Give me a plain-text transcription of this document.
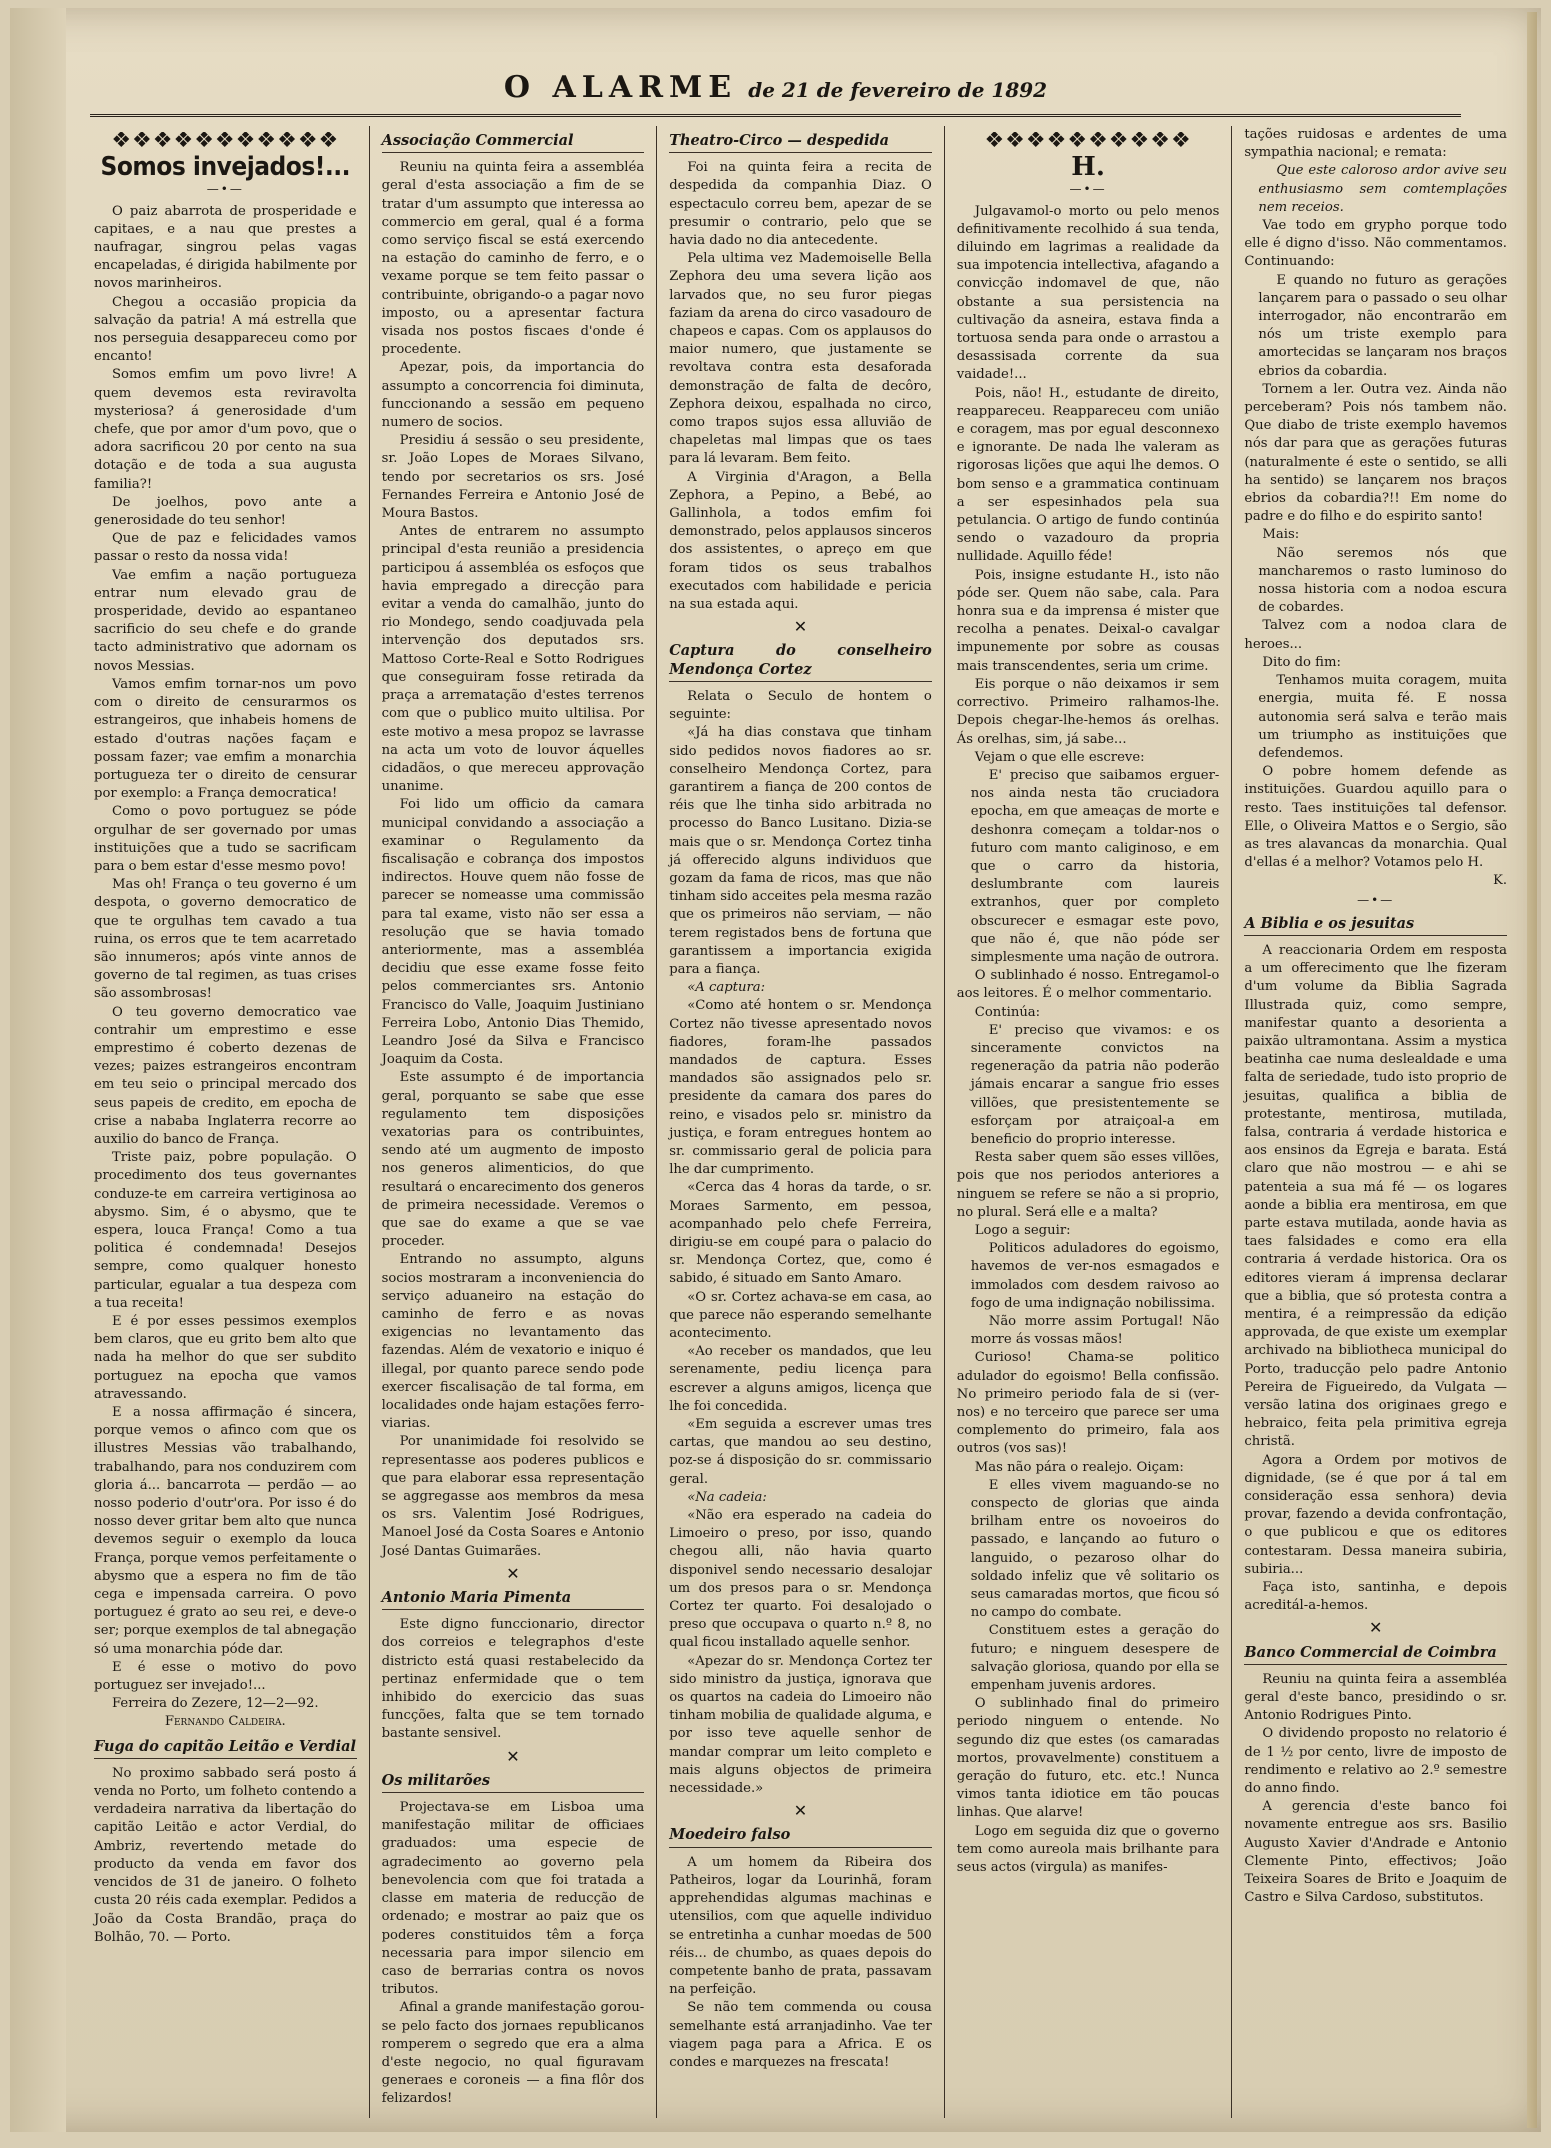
O ALARME de 21 de fevereiro de 1892
❖❖❖❖❖❖❖❖❖❖❖
Somos invejados!...
—•—

O paiz abarrota de prosperidade e capitaes, e a nau que prestes a naufragar, singrou pelas vagas encapeladas, é dirigida habilmente por novos marinheiros.

Chegou a occasião propicia da salvação da patria! A má estrella que nos perseguia desappareceu como por encanto!

Somos emfim um povo livre! A quem devemos esta reviravolta mysteriosa? á generosidade d'um chefe, que por amor d'um povo, que o adora sacrificou 20 por cento na sua dotação e de toda a sua augusta familia?!

De joelhos, povo ante a generosidade do teu senhor!

Que de paz e felicidades vamos passar o resto da nossa vida!

Vae emfim a nação portugueza entrar num elevado grau de prosperidade, devido ao espantaneo sacrificio do seu chefe e do grande tacto administrativo que adornam os novos Messias.

Vamos emfim tornar-nos um povo com o direito de censurarmos os estrangeiros, que inhabeis homens de estado d'outras nações façam e possam fazer; vae emfim a monarchia portugueza ter o direito de censurar por exemplo: a França democratica!

Como o povo portuguez se póde orgulhar de ser governado por umas instituições que a tudo se sacrificam para o bem estar d'esse mesmo povo!

Mas oh! França o teu governo é um despota, o governo democratico de que te orgulhas tem cavado a tua ruina, os erros que te tem acarretado são innumeros; após vinte annos de governo de tal regimen, as tuas crises são assombrosas!

O teu governo democratico vae contrahir um emprestimo e esse emprestimo é coberto dezenas de vezes; paizes estrangeiros encontram em teu seio o principal mercado dos seus papeis de credito, em epocha de crise a nababa Inglaterra recorre ao auxilio do banco de França.

Triste paiz, pobre população. O procedimento dos teus governantes conduze-te em carreira vertiginosa ao abysmo. Sim, é o abysmo, que te espera, louca França! Como a tua politica é condemnada! Desejos sempre, como qualquer honesto particular, egualar a tua despeza com a tua receita!

E é por esses pessimos exemplos bem claros, que eu grito bem alto que nada ha melhor do que ser subdito portuguez na epocha que vamos atravessando.

E a nossa affirmação é sincera, porque vemos o afinco com que os illustres Messias vão trabalhando, trabalhando, para nos conduzirem com gloria á... bancarrota — perdão — ao nosso poderio d'outr'ora. Por isso é do nosso dever gritar bem alto que nunca devemos seguir o exemplo da louca França, porque vemos perfeitamente o abysmo que a espera no fim de tão cega e impensada carreira. O povo portuguez é grato ao seu rei, e deve-o ser; porque exemplos de tal abnegação só uma monarchia póde dar.

E é esse o motivo do povo portuguez ser invejado!...

Ferreira do Zezere, 12—2—92.

Fernando Caldeira.

Fuga do capitão Leitão e Verdial

No proximo sabbado será posto á venda no Porto, um folheto contendo a verdadeira narrativa da libertação do capitão Leitão e actor Verdial, do Ambriz, revertendo metade do producto da venda em favor dos vencidos de 31 de janeiro. O folheto custa 20 réis cada exemplar. Pedidos a João da Costa Brandão, praça do Bolhão, 70. — Porto.

Associação Commercial

Reuniu na quinta feira a assembléa geral d'esta associação a fim de se tratar d'um assumpto que interessa ao commercio em geral, qual é a forma como serviço fiscal se está exercendo na estação do caminho de ferro, e o vexame porque se tem feito passar o contribuinte, obrigando-o a pagar novo imposto, ou a apresentar factura visada nos postos fiscaes d'onde é procedente.

Apezar, pois, da importancia do assumpto a concorrencia foi diminuta, funccionando a sessão em pequeno numero de socios.

Presidiu á sessão o seu presidente, sr. João Lopes de Moraes Silvano, tendo por secretarios os srs. José Fernandes Ferreira e Antonio José de Moura Bastos.

Antes de entrarem no assumpto principal d'esta reunião a presidencia participou á assembléa os esfoços que havia empregado a direcção para evitar a venda do camalhão, junto do rio Mondego, sendo coadjuvada pela intervenção dos deputados srs. Mattoso Corte-Real e Sotto Rodrigues que conseguiram fosse retirada da praça a arrematação d'estes terrenos com que o publico muito ultilisa. Por este motivo a mesa propoz se lavrasse na acta um voto de louvor áquelles cidadãos, o que mereceu approvação unanime.

Foi lido um officio da camara municipal convidando a associação a examinar o Regulamento da fiscalisação e cobrança dos impostos indirectos. Houve quem não fosse de parecer se nomeasse uma commissão para tal exame, visto não ser essa a resolução que se havia tomado anteriormente, mas a assembléa decidiu que esse exame fosse feito pelos commerciantes srs. Antonio Francisco do Valle, Joaquim Justiniano Ferreira Lobo, Antonio Dias Themido, Leandro José da Silva e Francisco Joaquim da Costa.

Este assumpto é de importancia geral, porquanto se sabe que esse regulamento tem disposições vexatorias para os contribuintes, sendo até um augmento de imposto nos generos alimenticios, do que resultará o encarecimento dos generos de primeira necessidade. Veremos o que sae do exame a que se vae proceder.

Entrando no assumpto, alguns socios mostraram a inconveniencia do serviço aduaneiro na estação do caminho de ferro e as novas exigencias no levantamento das fazendas. Além de vexatorio e iniquo é illegal, por quanto parece sendo pode exercer fiscalisação de tal forma, em localidades onde hajam estações ferro-viarias.

Por unanimidade foi resolvido se representasse aos poderes publicos e que para elaborar essa representação se aggregasse aos membros da mesa os srs. Valentim José Rodrigues, Manoel José da Costa Soares e Antonio José Dantas Guimarães.

✕
Antonio Maria Pimenta

Este digno funccionario, director dos correios e telegraphos d'este districto está quasi restabelecido da pertinaz enfermidade que o tem inhibido do exercicio das suas funcções, falta que se tem tornado bastante sensivel.

✕
Os militarões

Projectava-se em Lisboa uma manifestação militar de officiaes graduados: uma especie de agradecimento ao governo pela benevolencia com que foi tratada a classe em materia de reducção de ordenado; e mostrar ao paiz que os poderes constituidos têm a força necessaria para impor silencio em caso de berrarias contra os novos tributos.

Afinal a grande manifestação gorou-se pelo facto dos jornaes republicanos romperem o segredo que era a alma d'este negocio, no qual figuravam generaes e coroneis — a fina flôr dos felizardos!

Theatro-Circo — despedida

Foi na quinta feira a recita de despedida da companhia Diaz. O espectaculo correu bem, apezar de se presumir o contrario, pelo que se havia dado no dia antecedente.

Pela ultima vez Mademoiselle Bella Zephora deu uma severa lição aos larvados que, no seu furor piegas faziam da arena do circo vasadouro de chapeos e capas. Com os applausos do maior numero, que justamente se revoltava contra esta desaforada demonstração de falta de decôro, Zephora deixou, espalhada no circo, como trapos sujos essa alluvião de chapeletas mal limpas que os taes para lá levaram. Bem feito.

A Virginia d'Aragon, a Bella Zephora, a Pepino, a Bebé, ao Gallinhola, a todos emfim foi demonstrado, pelos applausos sinceros dos assistentes, o apreço em que foram tidos os seus trabalhos executados com habilidade e pericia na sua estada aqui.

✕
Captura do conselheiro Mendonça Cortez

Relata o Seculo de hontem o seguinte:

«Já ha dias constava que tinham sido pedidos novos fiadores ao sr. conselheiro Mendonça Cortez, para garantirem a fiança de 200 contos de réis que lhe tinha sido arbitrada no processo do Banco Lusitano. Dizia-se mais que o sr. Mendonça Cortez tinha já offerecido alguns individuos que gozam da fama de ricos, mas que não tinham sido acceites pela mesma razão que os primeiros não serviam, — não terem registados bens de fortuna que garantissem a importancia exigida para a fiança.

«A captura:

«Como até hontem o sr. Mendonça Cortez não tivesse apresentado novos fiadores, foram-lhe passados mandados de captura. Esses mandados são assignados pelo sr. presidente da camara dos pares do reino, e visados pelo sr. ministro da justiça, e foram entregues hontem ao sr. commissario geral de policia para lhe dar cumprimento.

«Cerca das 4 horas da tarde, o sr. Moraes Sarmento, em pessoa, acompanhado pelo chefe Ferreira, dirigiu-se em coupé para o palacio do sr. Mendonça Cortez, que, como é sabido, é situado em Santo Amaro.

«O sr. Cortez achava-se em casa, ao que parece não esperando semelhante acontecimento.

«Ao receber os mandados, que leu serenamente, pediu licença para escrever a alguns amigos, licença que lhe foi concedida.

«Em seguida a escrever umas tres cartas, que mandou ao seu destino, poz-se á disposição do sr. commissario geral.

«Na cadeia:

«Não era esperado na cadeia do Limoeiro o preso, por isso, quando chegou alli, não havia quarto disponivel sendo necessario desalojar um dos presos para o sr. Mendonça Cortez ter quarto. Foi desalojado o preso que occupava o quarto n.º 8, no qual ficou installado aquelle senhor.

«Apezar do sr. Mendonça Cortez ter sido ministro da justiça, ignorava que os quartos na cadeia do Limoeiro não tinham mobilia de qualidade alguma, e por isso teve aquelle senhor de mandar comprar um leito completo e mais alguns objectos de primeira necessidade.»

✕
Moedeiro falso

A um homem da Ribeira dos Patheiros, logar da Lourinhã, foram apprehendidas algumas machinas e utensilios, com que aquelle individuo se entretinha a cunhar moedas de 500 réis... de chumbo, as quaes depois do competente banho de prata, passavam na perfeição.

Se não tem commenda ou cousa semelhante está arranjadinho. Vae ter viagem paga para a Africa. E os condes e marquezes na frescata!

❖❖❖❖❖❖❖❖❖❖
H.
—•—

Julgavamol-o morto ou pelo menos definitivamente recolhido á sua tenda, diluindo em lagrimas a realidade da sua impotencia intellectiva, afagando a convicção indomavel de que, não obstante a sua persistencia na cultivação da asneira, estava finda a tortuosa senda para onde o arrastou a desassisada corrente da sua vaidade!...

Pois, não! H., estudante de direito, reappareceu. Reappareceu com união e coragem, mas por egual desconnexo e ignorante. De nada lhe valeram as rigorosas lições que aqui lhe demos. O bom senso e a grammatica continuam a ser espesinhados pela sua petulancia. O artigo de fundo continúa sendo o vazadouro da propria nullidade. Aquillo féde!

Pois, insigne estudante H., isto não póde ser. Quem não sabe, cala. Para honra sua e da imprensa é mister que recolha a penates. Deixal-o cavalgar impunemente por sobre as cousas mais transcendentes, seria um crime.

Eis porque o não deixamos ir sem correctivo. Primeiro ralhamos-lhe. Depois chegar-lhe-hemos ás orelhas. Ás orelhas, sim, já sabe...

Vejam o que elle escreve:

E' preciso que saibamos erguer-nos ainda nesta tão cruciadora epocha, em que ameaças de morte e deshonra começam a toldar-nos o futuro com manto caliginoso, e em que o carro da historia, deslumbrante com laureis extranhos, quer por completo obscurecer e esmagar este povo, que não é, que não póde ser simplesmente uma nação de outrora.

O sublinhado é nosso. Entregamol-o aos leitores. É o melhor commentario.

Continúa:

E' preciso que vivamos: e os sinceramente convictos na regeneração da patria não poderão jámais encarar a sangue frio esses villões, que presistentemente se esforçam por atraiçoal-a em beneficio do proprio interesse.

Resta saber quem são esses villões, pois que nos periodos anteriores a ninguem se refere se não a si proprio, no plural. Será elle e a malta?

Logo a seguir:

Politicos aduladores do egoismo, havemos de ver-nos esmagados e immolados com desdem raivoso ao fogo de uma indignação nobilissima.

Não morre assim Portugal! Não morre ás vossas mãos!

Curioso! Chama-se politico adulador do egoismo! Bella confissão. No primeiro periodo fala de si (ver-nos) e no terceiro que parece ser uma complemento do primeiro, fala aos outros (vos sas)!

Mas não pára o realejo. Oiçam:

E elles vivem maguando-se no conspecto de glorias que ainda brilham entre os novoeiros do passado, e lançando ao futuro o languido, o pezaroso olhar do soldado infeliz que vê solitario os seus camaradas mortos, que ficou só no campo do combate.

Constituem estes a geração do futuro; e ninguem desespere de salvação gloriosa, quando por ella se empenham juvenis ardores.

O sublinhado final do primeiro periodo ninguem o entende. No segundo diz que estes (os camaradas mortos, provavelmente) constituem a geração do futuro, etc. etc.! Nunca vimos tanta idiotice em tão poucas linhas. Que alarve!

Logo em seguida diz que o governo tem como aureola mais brilhante para seus actos (virgula) as manifes-

tações ruidosas e ardentes de uma sympathia nacional; e remata:

Que este caloroso ardor avive seu enthusiasmo sem comtemplações nem receios.

Vae todo em grypho porque todo elle é digno d'isso. Não commentamos. Continuando:

E quando no futuro as gerações lançarem para o passado o seu olhar interrogador, não encontrarão em nós um triste exemplo para amortecidas se lançaram nos braços ebrios da cobardia.

Tornem a ler. Outra vez. Ainda não perceberam? Pois nós tambem não. Que diabo de triste exemplo havemos nós dar para que as gerações futuras (naturalmente é este o sentido, se alli ha sentido) se lançarem nos braços ebrios da cobardia?!! Em nome do padre e do filho e do espirito santo!

Mais:

Não seremos nós que mancharemos o rasto luminoso do nossa historia com a nodoa escura de cobardes.

Talvez com a nodoa clara de heroes...

Dito do fim:

Tenhamos muita coragem, muita energia, muita fé. E nossa autonomia será salva e terão mais um triumpho as instituições que defendemos.

O pobre homem defende as instituições. Guardou aquillo para o resto. Taes instituições tal defensor. Elle, o Oliveira Mattos e o Sergio, são as tres alavancas da monarchia. Qual d'ellas é a melhor? Votamos pelo H.

K.

—•—
A Biblia e os jesuitas

A reaccionaria Ordem em resposta a um offerecimento que lhe fizeram d'um volume da Biblia Sagrada Illustrada quiz, como sempre, manifestar quanto a desorienta a paixão ultramontana. Assim a mystica beatinha cae numa deslealdade e uma falta de seriedade, tudo isto proprio de jesuitas, qualifica a biblia de protestante, mentirosa, mutilada, falsa, contraria á verdade historica e aos ensinos da Egreja e barata. Está claro que não mostrou — e ahi se patenteia a sua má fé — os logares aonde a biblia era mentirosa, em que parte estava mutilada, aonde havia as taes falsidades e como era ella contraria á verdade historica. Ora os editores vieram á imprensa declarar que a biblia, que só protesta contra a mentira, é a reimpressão da edição approvada, de que existe um exemplar archivado na bibliotheca municipal do Porto, traducção pelo padre Antonio Pereira de Figueiredo, da Vulgata — versão latina dos originaes grego e hebraico, feita pela primitiva egreja christã.

Agora a Ordem por motivos de dignidade, (se é que por á tal em consideração essa senhora) devia provar, fazendo a devida confrontação, o que publicou e que os editores contestaram. Dessa maneira subiria, subiria...

Faça isto, santinha, e depois acreditál-a-hemos.

✕
Banco Commercial de Coimbra

Reuniu na quinta feira a assembléa geral d'este banco, presidindo o sr. Antonio Rodrigues Pinto.

O dividendo proposto no relatorio é de 1 ½ por cento, livre de imposto de rendimento e relativo ao 2.º semestre do anno findo.

A gerencia d'este banco foi novamente entregue aos srs. Basilio Augusto Xavier d'Andrade e Antonio Clemente Pinto, effectivos; João Teixeira Soares de Brito e Joaquim de Castro e Silva Cardoso, substitutos.
